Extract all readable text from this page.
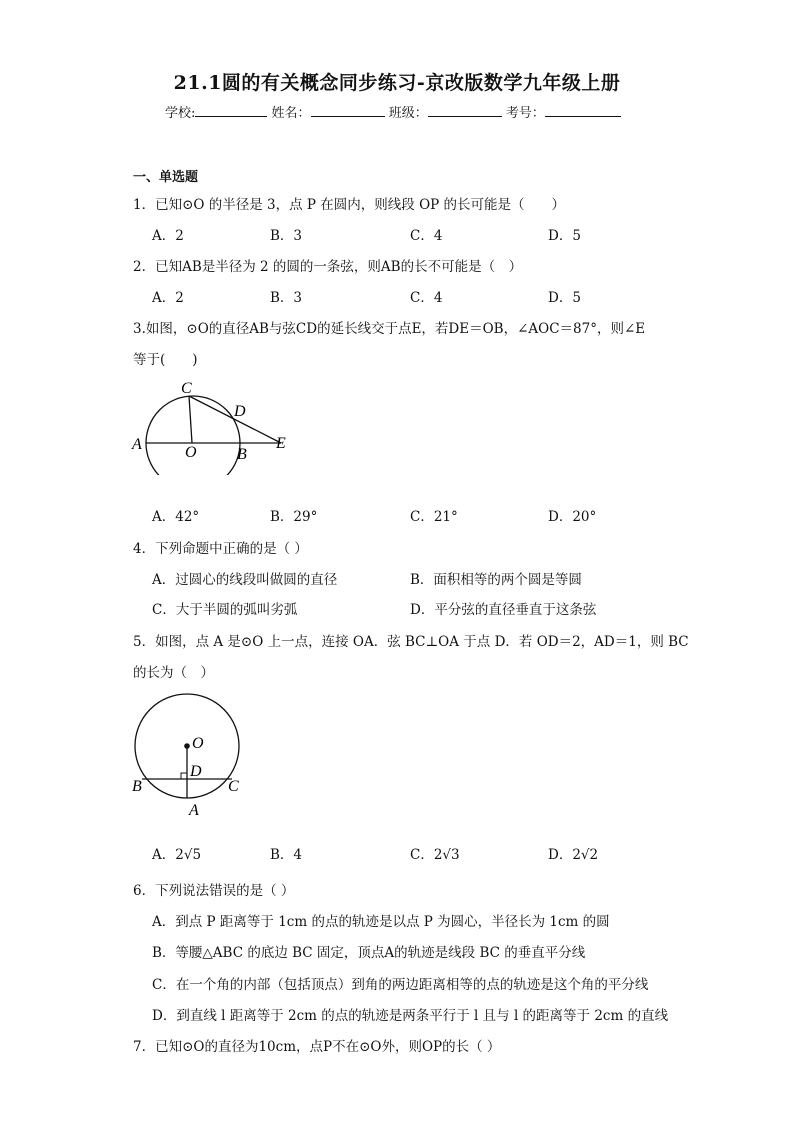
21.1圆的有关概念同步练习-京改版数学九年级上册
学校:	姓名：	班级：	考号：
一、单选题
1．已知⊙O 的半径是 3，点 P 在圆内，则线段 OP 的长可能是（　　）
A．2	B．3	C．4	D．5
2．已知AB是半径为 2 的圆的一条弦，则AB的长不可能是（　）
A．2	B．3	C．4	D．5
3.如图，⊙O的直径AB与弦CD的延长线交于点E，若DE＝OB，∠AOC＝87°，则∠E
等于(　　)
C
D
A	O	B
E
A．42°	B．29°	C．21°	D．20°
4．下列命题中正确的是（ ）
A．过圆心的线段叫做圆的直径	B．面积相等的两个圆是等圆
C．大于半圆的弧叫劣弧	D．平分弦的直径垂直于这条弦
5．如图，点 A 是⊙O 上一点，连接 OA．弦 BC⊥OA 于点 D．若 OD＝2，AD＝1，则 BC
的长为（　）
O
D
B	C
A
A．2√5	B．4	C．2√3	D．2√2
6．下列说法错误的是（ ）
A．到点 P 距离等于 1cm 的点的轨迹是以点 P 为圆心，半径长为 1cm 的圆
B．等腰△ABC 的底边 BC 固定，顶点A的轨迹是线段 BC 的垂直平分线
C．在一个角的内部（包括顶点）到角的两边距离相等的点的轨迹是这个角的平分线
D．到直线 l 距离等于 2cm 的点的轨迹是两条平行于 l 且与 l 的距离等于 2cm 的直线
7．已知⊙O的直径为10cm，点P不在⊙O外，则OP的长（ ）
